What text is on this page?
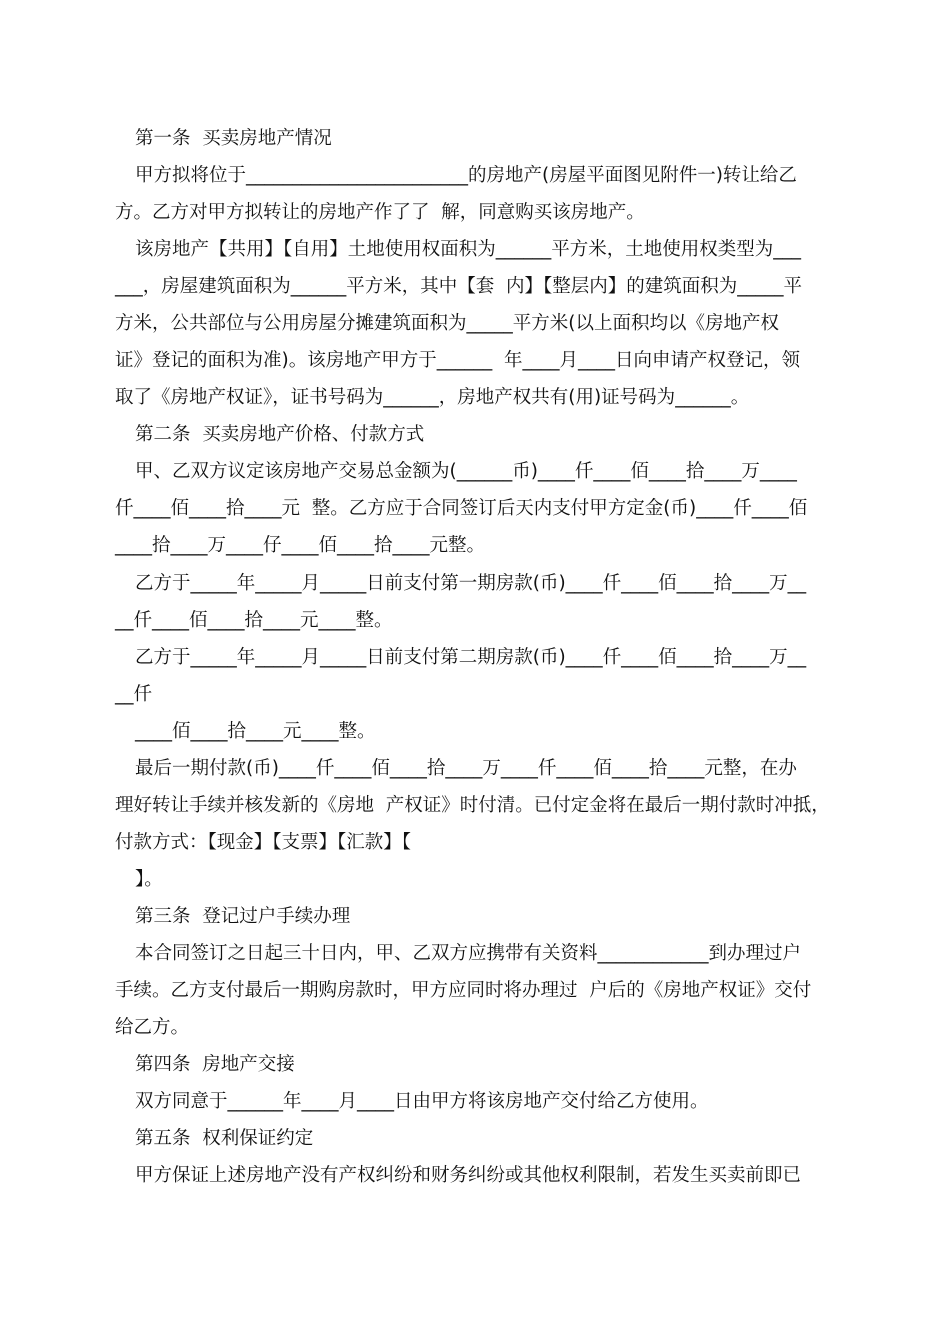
第一条  买卖房地产情况
甲方拟将位于________________________的房地产(房屋平面图见附件一)转让给乙
方。乙方对甲方拟转让的房地产作了了  解，同意购买该房地产。
该房地产【共用】【自用】土地使用权面积为______平方米，土地使用权类型为___
___，房屋建筑面积为______平方米，其中【套  内】【整层内】的建筑面积为_____平
方米，公共部位与公用房屋分摊建筑面积为_____平方米(以上面积均以《房地产权
证》登记的面积为准)。该房地产甲方于______  年____月____日向申请产权登记，领
取了《房地产权证》，证书号码为______，房地产权共有(用)证号码为______。
第二条  买卖房地产价格、付款方式
甲、乙双方议定该房地产交易总金额为(______币)____仟____佰____拾____万____
仟____佰____拾____元  整。乙方应于合同签订后天内支付甲方定金(币)____仟____佰
____拾____万____仔____佰____拾____元整。
乙方于_____年_____月_____日前支付第一期房款(币)____仟____佰____拾____万__
__仟____佰____拾____元____整。
乙方于_____年_____月_____日前支付第二期房款(币)____仟____佰____拾____万__
__仟
____佰____拾____元____整。
最后一期付款(币)____仟____佰____拾____万____仟____佰____拾____元整，在办
理好转让手续并核发新的《房地  产权证》时付清。已付定金将在最后一期付款时冲抵，
付款方式：【现金】【支票】【汇款】【
】。
第三条  登记过户手续办理
本合同签订之日起三十日内，甲、乙双方应携带有关资料____________到办理过户
手续。乙方支付最后一期购房款时，甲方应同时将办理过  户后的《房地产权证》交付
给乙方。
第四条  房地产交接
双方同意于______年____月____日由甲方将该房地产交付给乙方使用。
第五条  权利保证约定
甲方保证上述房地产没有产权纠纷和财务纠纷或其他权利限制，若发生买卖前即已
